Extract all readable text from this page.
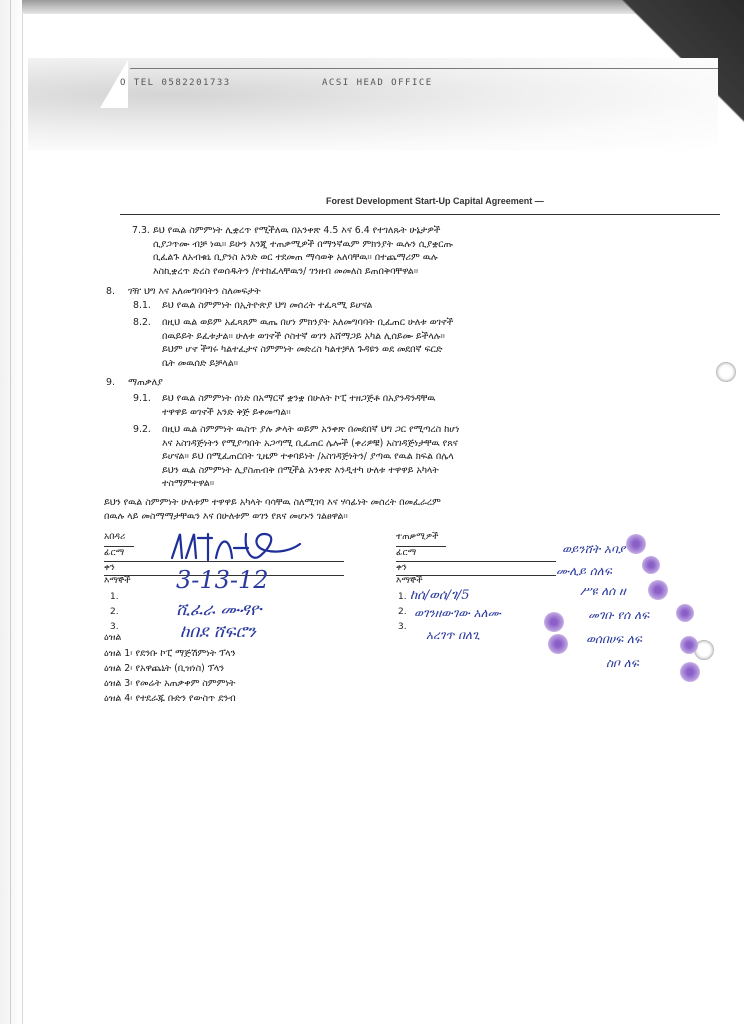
O TEL 0582201733	ACSI HEAD OFFICE
Forest Development Start-Up Capital Agreement —
7.3. ይህ የዉል ስምምነት ሊቋረጥ የሚችለዉ በአንቀጽ 4.5 እና 6.4 የተገለጹት ሁኔታዎች
ሲያጋጥሙ ብቻ ነዉ። ይሁን እንጂ ተጠቃሚዎች በማንኛዉም ምክንያት ዉሉን ሲያቋርጡ
ቢፈልጉ ለአብቁኒ ቢያንስ አንድ ወር ተደመጠ ማሳወቅ አለባቸዉ። በተጨማሪም ዉሉ
እስኪቋረጥ ድረስ የወሰዱትን /የተከፈላቸዉን/ ገንዘብ መመለስ ይጠበቅባቸዋል።
8. ገዥ ህግ እና አለመግባባትን ስለመፍታት
8.1. ይህ የዉል ስምምነት በኢትዮጵያ ህግ መሰረት ተፈጻሚ ይሆናል
8.2. በዚህ ዉል ወይም አፈጻጸም ዉጤ በሆነ ምክንያት አለመግባባት ቢፈጠር ሁለቱ ወገኖች
በዉይይት ይፈቱታል። ሁለቱ ወገኖች ሶስተኛ ወገን አሸማጋይ አካል ሊሰይሙ ይችላሉ።
ይህም ሆኖ ችግሩ ካልተፈታና ስምምነት መድረስ ካልተቻለ ጉዳዩን ወደ መደበኛ ፍርድ
ቤት መዉሰድ ይቻላል።
9. ማጠቃለያ
9.1. ይህ የዉል ስምምነት ሰነድ በአማርኛ ቋንቋ በሁለት ኮፒ ተዘጋጅቶ በአያንዳንዳቸዉ
ተዋዋይ ወገኖች አንድ ቅጅ ይቀመጣል።
9.2. በዚህ ዉል ስምምነት ዉስጥ ያሉ ቃላት ወይም አንቀጽ በመደበኛ ህግ ጋር የሚጣረስ ከሆነ
እና አስገዳጅነትን የሚያጣበት አጋጣሚ ቢፈጠር ሌሎች (ቀሪዎቹ) አስገዳጅነታቸዉ የጸና
ይሆናል። ይህ በሚፈጠርበት ጊዜም ተቀባይነት /አስገዳጅነትን/ ያጣዉ የዉል ክፍል በሌላ
ይህን ዉል ስምምነት ሊያስጠብቅ በሚችል አንቀጽ እንዲተካ ሁለቱ ተዋዋይ አካላት
ተስማምተዋል።
ይህን የዉል ስምምነት ሁለቱም ተዋዋይ አካላት ባሳቸዉ ስለሚገባ እና ሃሳፊነት መሰረት በመፈራረም
በዉሉ ላይ መስማማታቸዉን እና በሁለቱም ወገን የጸና መሆኑን ገልፀዋል።
አበዳሪ
ፊርማ
ቀን
እማኞች
1.
2.
3.
3-13-12
ሺፈራ ሙዳዮ
ከበደ ሸፍሮን
ተጠቃሚዎች
ፊርማ
ቀን
እማኞች
1.
2.
3.
ከሰ/ወሰ/ገ/5
ወገንዘውገው አለሙ
አረገጥ በለጊ
ወይንሸት አባያ
ሙሊይ ሰለፍ
ሥዩ ለሰ ዘ
መገቡ የሰ ለፍ
ወሰበሀፍ ለፍ
ስቦ ለፍ
ዕዝል
ዕዝል 1፡ የደንቡ ኮፒ ማጅሽምነት ፕላን
ዕዝል 2፡ የአዋጨኒት (ቢዝነስ) ፕላን
ዕዝል 3፡ የመሬት አጠቃቀም ስምምነት
ዕዝል 4፡ የተደራጁ ቡድን የውስጥ ደንብ
